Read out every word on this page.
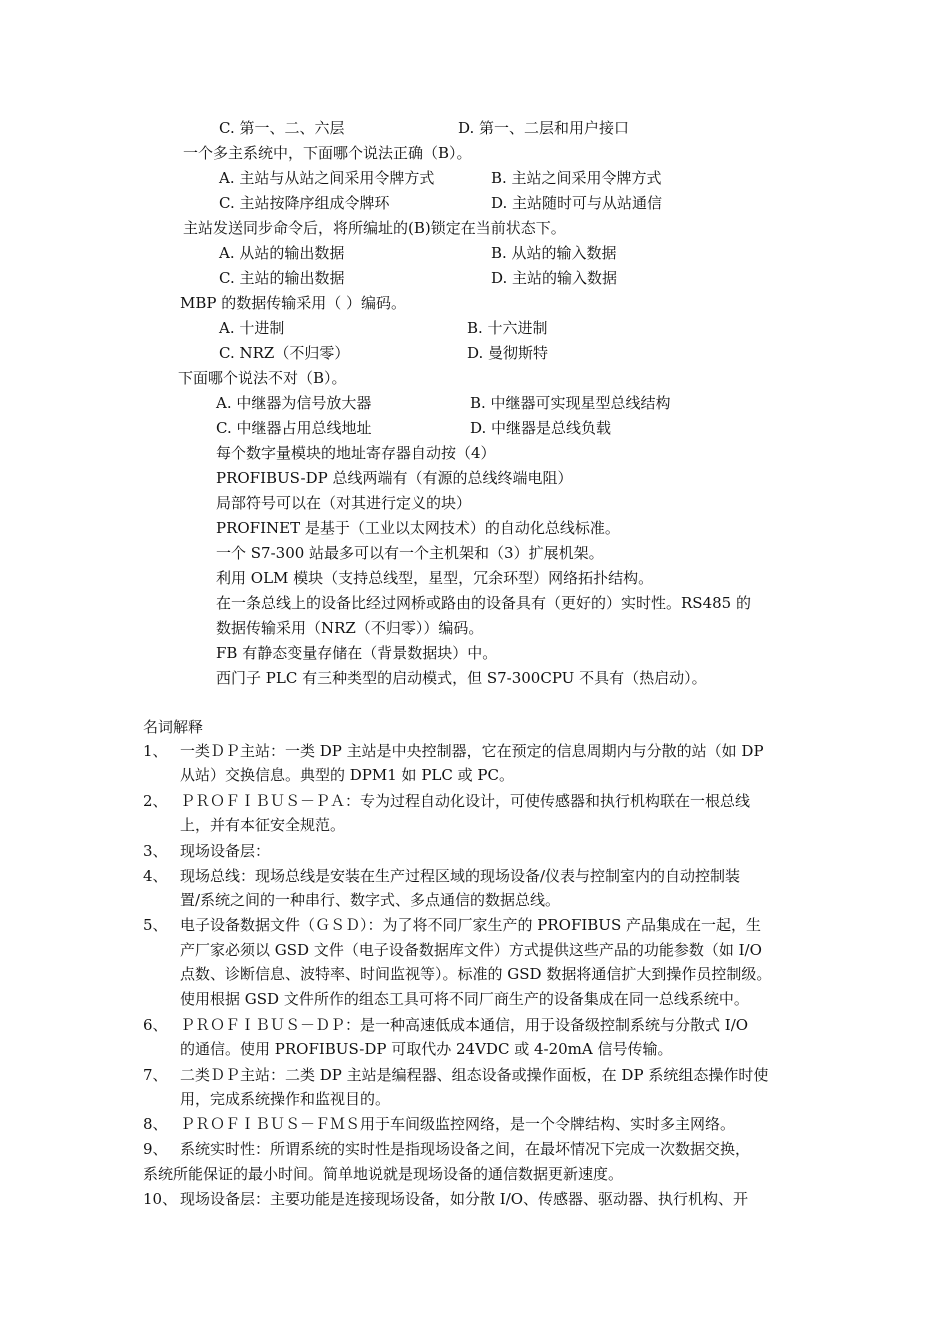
C. 第一、二、六层	D. 第一、二层和用户接口
一个多主系统中，下面哪个说法正确（B）。
A. 主站与从站之间采用令牌方式	B. 主站之间采用令牌方式
C. 主站按降序组成令牌环	D. 主站随时可与从站通信
主站发送同步命令后，将所编址的(B)锁定在当前状态下。
A. 从站的输出数据	B. 从站的输入数据
C. 主站的输出数据	D. 主站的输入数据
MBP 的数据传输采用（ ）编码。
A. 十进制	B. 十六进制
C. NRZ（不归零）	D. 曼彻斯特
下面哪个说法不对（B）。
A. 中继器为信号放大器	B. 中继器可实现星型总线结构
C. 中继器占用总线地址	D. 中继器是总线负载
每个数字量模块的地址寄存器自动按（4）
PROFIBUS-DP 总线两端有（有源的总线终端电阻）
局部符号可以在（对其进行定义的块）
PROFINET 是基于（工业以太网技术）的自动化总线标准。
一个 S7-300 站最多可以有一个主机架和（3）扩展机架。
利用 OLM 模块（支持总线型，星型，冗余环型）网络拓扑结构。
在一条总线上的设备比经过网桥或路由的设备具有（更好的）实时性。RS485 的
数据传输采用（NRZ（不归零））编码。
FB 有静态变量存储在（背景数据块）中。
西门子 PLC 有三种类型的启动模式，但 S7-300CPU 不具有（热启动）。
名词解释
1、 一类ＤＰ主站：一类 DP 主站是中央控制器，它在预定的信息周期内与分散的站（如 DP
从站）交换信息。典型的 DPM1 如 PLC 或 PC。
2、 ＰＲＯＦＩＢＵＳ－ＰＡ：专为过程自动化设计，可使传感器和执行机构联在一根总线
上，并有本征安全规范。
3、 现场设备层：
4、 现场总线：现场总线是安装在生产过程区域的现场设备/仪表与控制室内的自动控制装
置/系统之间的一种串行、数字式、多点通信的数据总线。
5、 电子设备数据文件（ＧＳＤ）：为了将不同厂家生产的 PROFIBUS 产品集成在一起，生
产厂家必须以 GSD 文件（电子设备数据库文件）方式提供这些产品的功能参数（如 I/O
点数、诊断信息、波特率、时间监视等）。标准的 GSD 数据将通信扩大到操作员控制级。
使用根据 GSD 文件所作的组态工具可将不同厂商生产的设备集成在同一总线系统中。
6、 ＰＲＯＦＩＢＵＳ－ＤＰ：是一种高速低成本通信，用于设备级控制系统与分散式 I/O
的通信。使用 PROFIBUS-DP 可取代办 24VDC 或 4-20mA 信号传输。
7、 二类ＤＰ主站：二类 DP 主站是编程器、组态设备或操作面板，在 DP 系统组态操作时使
用，完成系统操作和监视目的。
8、 ＰＲＯＦＩＢＵＳ－ＦＭＳ用于车间级监控网络，是一个令牌结构、实时多主网络。
9、 系统实时性：所谓系统的实时性是指现场设备之间，在最坏情况下完成一次数据交换，
系统所能保证的最小时间。简单地说就是现场设备的通信数据更新速度。
10、 现场设备层：主要功能是连接现场设备，如分散 I/O、传感器、驱动器、执行机构、开
